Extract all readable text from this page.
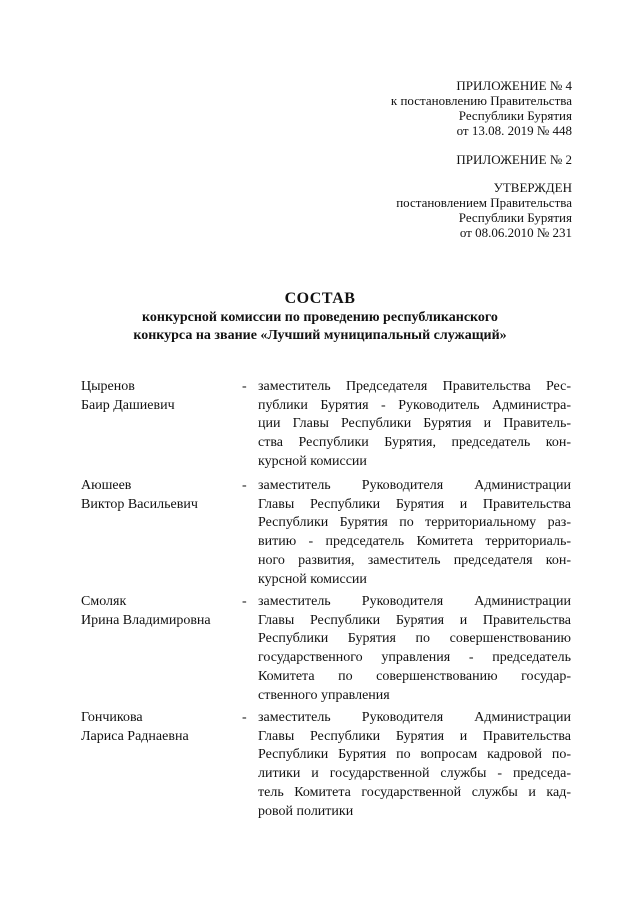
ПРИЛОЖЕНИЕ № 4
к постановлению Правительства
Республики Бурятия
от 13.08. 2019 № 448
ПРИЛОЖЕНИЕ № 2
УТВЕРЖДЕН
постановлением Правительства
Республики Бурятия
от 08.06.2010 № 231
СОСТАВ
конкурсной комиссии по проведению республиканского
конкурса на звание «Лучший муниципальный служащий»
Цыренов
Баир Дашиевич
- заместитель Председателя Правительства Рес-
публики Бурятия - Руководитель Администра-
ции Главы Республики Бурятия и Правитель-
ства Республики Бурятия, председатель кон-
курсной комиссии
Аюшеев
Виктор Васильевич
- заместитель Руководителя Администрации
Главы Республики Бурятия и Правительства
Республики Бурятия по территориальному раз-
витию - председатель Комитета территориаль-
ного развития, заместитель председателя кон-
курсной комиссии
Смоляк
Ирина Владимировна
- заместитель Руководителя Администрации
Главы Республики Бурятия и Правительства
Республики Бурятия по совершенствованию
государственного управления - председатель
Комитета по совершенствованию государ-
ственного управления
Гончикова
Лариса Раднаевна
- заместитель Руководителя Администрации
Главы Республики Бурятия и Правительства
Республики Бурятия по вопросам кадровой по-
литики и государственной службы - председа-
тель Комитета государственной службы и кад-
ровой политики
